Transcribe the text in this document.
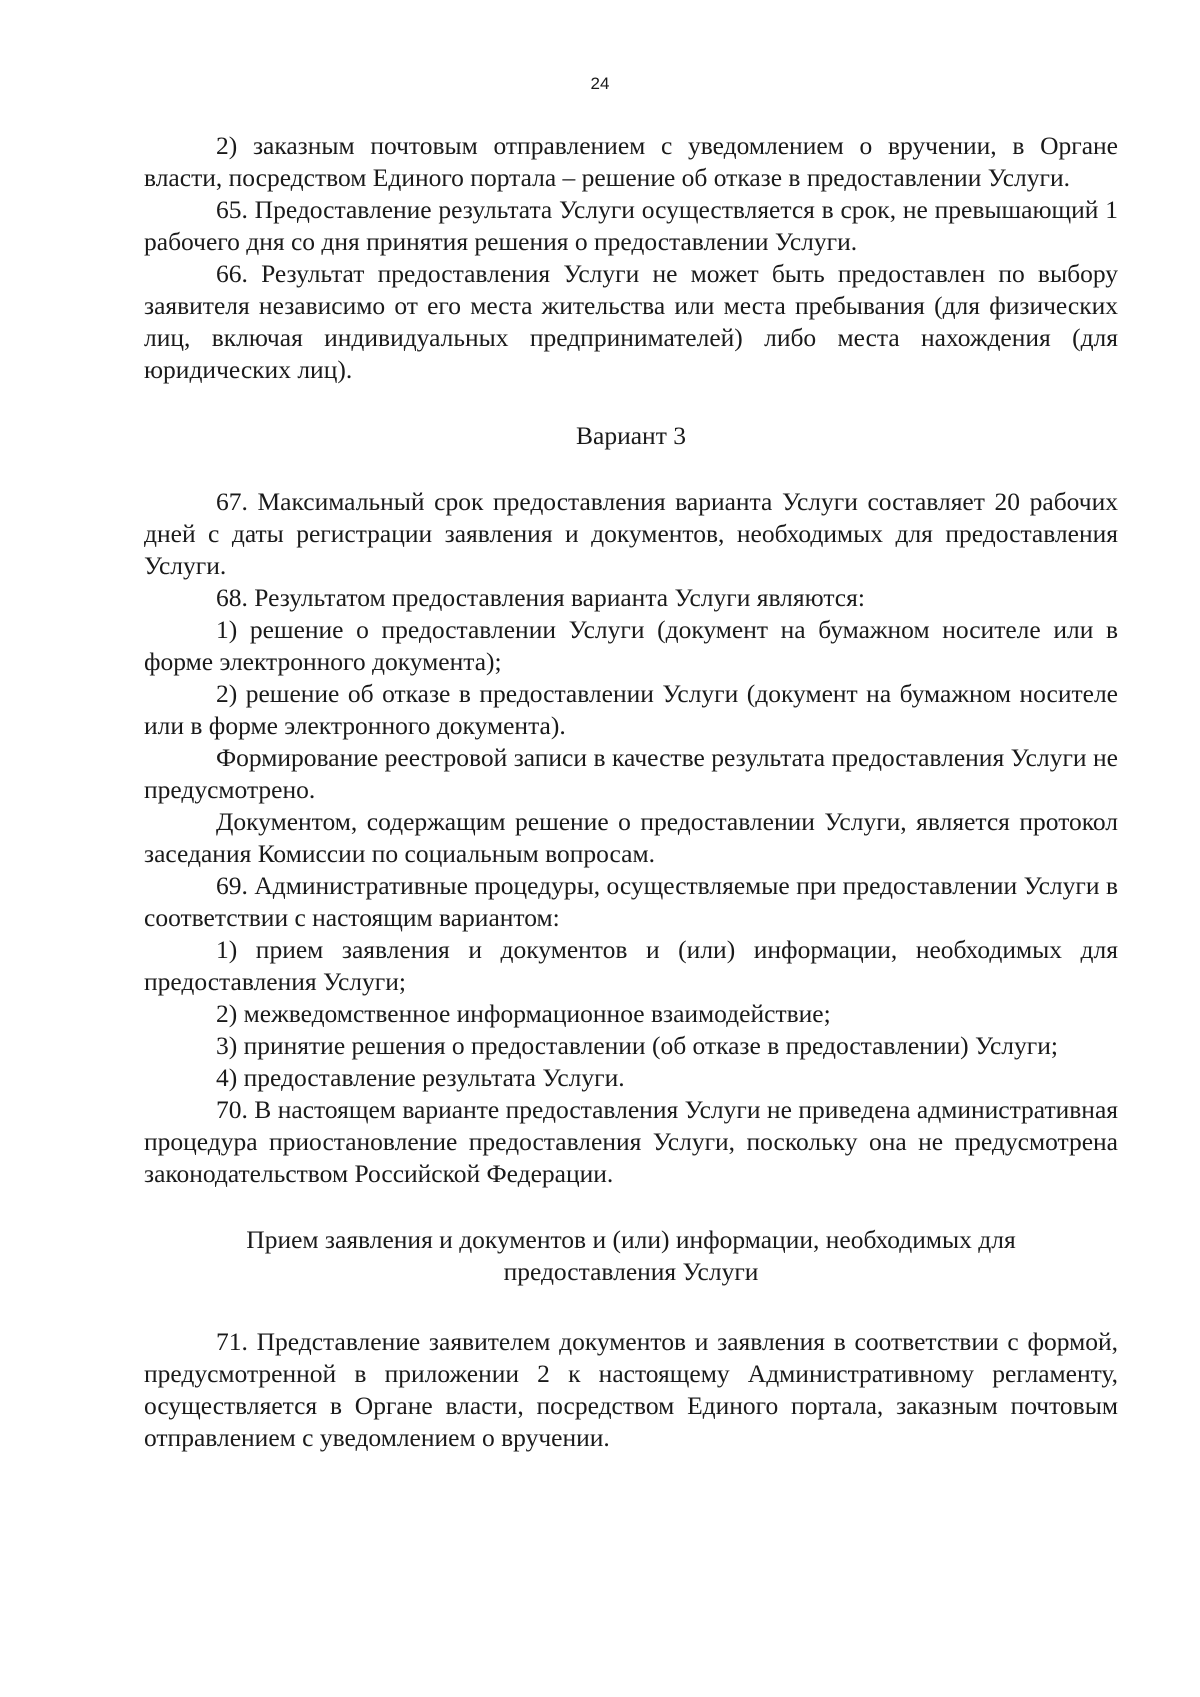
24

2) заказным почтовым отправлением с уведомлением о вручении, в Органе власти, посредством Единого портала – решение об отказе в предоставлении Услуги.

65. Предоставление результата Услуги осуществляется в срок, не превышающий 1 рабочего дня со дня принятия решения о предоставлении Услуги.

66. Результат предоставления Услуги не может быть предоставлен по выбору заявителя независимо от его места жительства или места пребывания (для физических лиц, включая индивидуальных предпринимателей) либо места нахождения (для юридических лиц).

Вариант 3

67. Максимальный срок предоставления варианта Услуги составляет 20 рабочих дней с даты регистрации заявления и документов, необходимых для предоставления Услуги.

68. Результатом предоставления варианта Услуги являются:

1) решение о предоставлении Услуги (документ на бумажном носителе или в форме электронного документа);

2) решение об отказе в предоставлении Услуги (документ на бумажном носителе или в форме электронного документа).

Формирование реестровой записи в качестве результата предоставления Услуги не предусмотрено.

Документом, содержащим решение о предоставлении Услуги, является протокол заседания Комиссии по социальным вопросам.

69. Административные процедуры, осуществляемые при предоставлении Услуги в соответствии с настоящим вариантом:

1) прием заявления и документов и (или) информации, необходимых для предоставления Услуги;

2) межведомственное информационное взаимодействие;

3) принятие решения о предоставлении (об отказе в предоставлении) Услуги;

4) предоставление результата Услуги.

70. В настоящем варианте предоставления Услуги не приведена административная процедура приостановление предоставления Услуги, поскольку она не предусмотрена законодательством Российской Федерации.

Прием заявления и документов и (или) информации, необходимых для
предоставления Услуги

71. Представление заявителем документов и заявления в соответствии с формой, предусмотренной в приложении 2 к настоящему Административному регламенту, осуществляется в Органе власти, посредством Единого портала, заказным почтовым отправлением с уведомлением о вручении.
